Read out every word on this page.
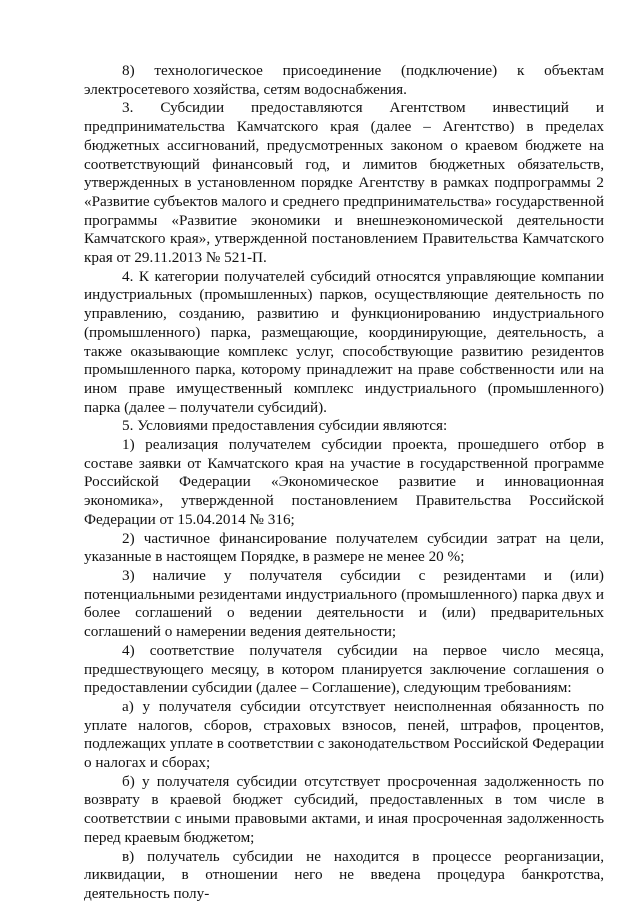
8) технологическое присоединение (подключение) к объектам электросетевого хозяйства, сетям водоснабжения.

3. Субсидии предоставляются Агентством инвестиций и предпринимательства Камчатского края (далее – Агентство) в пределах бюджетных ассигнований, предусмотренных законом о краевом бюджете на соответствующий финансовый год, и лимитов бюджетных обязательств, утвержденных в установленном порядке Агентству в рамках подпрограммы 2 «Развитие субъектов малого и среднего предпринимательства» государственной программы «Развитие экономики и внешнеэкономической деятельности Камчатского края», утвержденной постановлением Правительства Камчатского края от 29.11.2013 № 521-П.

4. К категории получателей субсидий относятся управляющие компании индустриальных (промышленных) парков, осуществляющие деятельность по управлению, созданию, развитию и функционированию индустриального (промышленного) парка, размещающие, координирующие, деятельность, а также оказывающие комплекс услуг, способствующие развитию резидентов промышленного парка, которому принадлежит на праве собственности или на ином праве имущественный комплекс индустриального (промышленного) парка (далее – получатели субсидий).

5. Условиями предоставления субсидии являются:

1) реализация получателем субсидии проекта, прошедшего отбор в составе заявки от Камчатского края на участие в государственной программе Российской Федерации «Экономическое развитие и инновационная экономика», утвержденной постановлением Правительства Российской Федерации от 15.04.2014 № 316;

2) частичное финансирование получателем субсидии затрат на цели, указанные в настоящем Порядке, в размере не менее 20 %;

3) наличие у получателя субсидии с резидентами и (или) потенциальными резидентами индустриального (промышленного) парка двух и более соглашений о ведении деятельности и (или) предварительных соглашений о намерении ведения деятельности;

4) соответствие получателя субсидии на первое число месяца, предшествующего месяцу, в котором планируется заключение соглашения о предоставлении субсидии (далее – Соглашение), следующим требованиям:

а) у получателя субсидии отсутствует неисполненная обязанность по уплате налогов, сборов, страховых взносов, пеней, штрафов, процентов, подлежащих уплате в соответствии с законодательством Российской Федерации о налогах и сборах;

б) у получателя субсидии отсутствует просроченная задолженность по возврату в краевой бюджет субсидий, предоставленных в том числе в соответствии с иными правовыми актами, и иная просроченная задолженность перед краевым бюджетом;

в) получатель субсидии не находится в процессе реорганизации, ликвидации, в отношении него не введена процедура банкротства, деятельность полу-
